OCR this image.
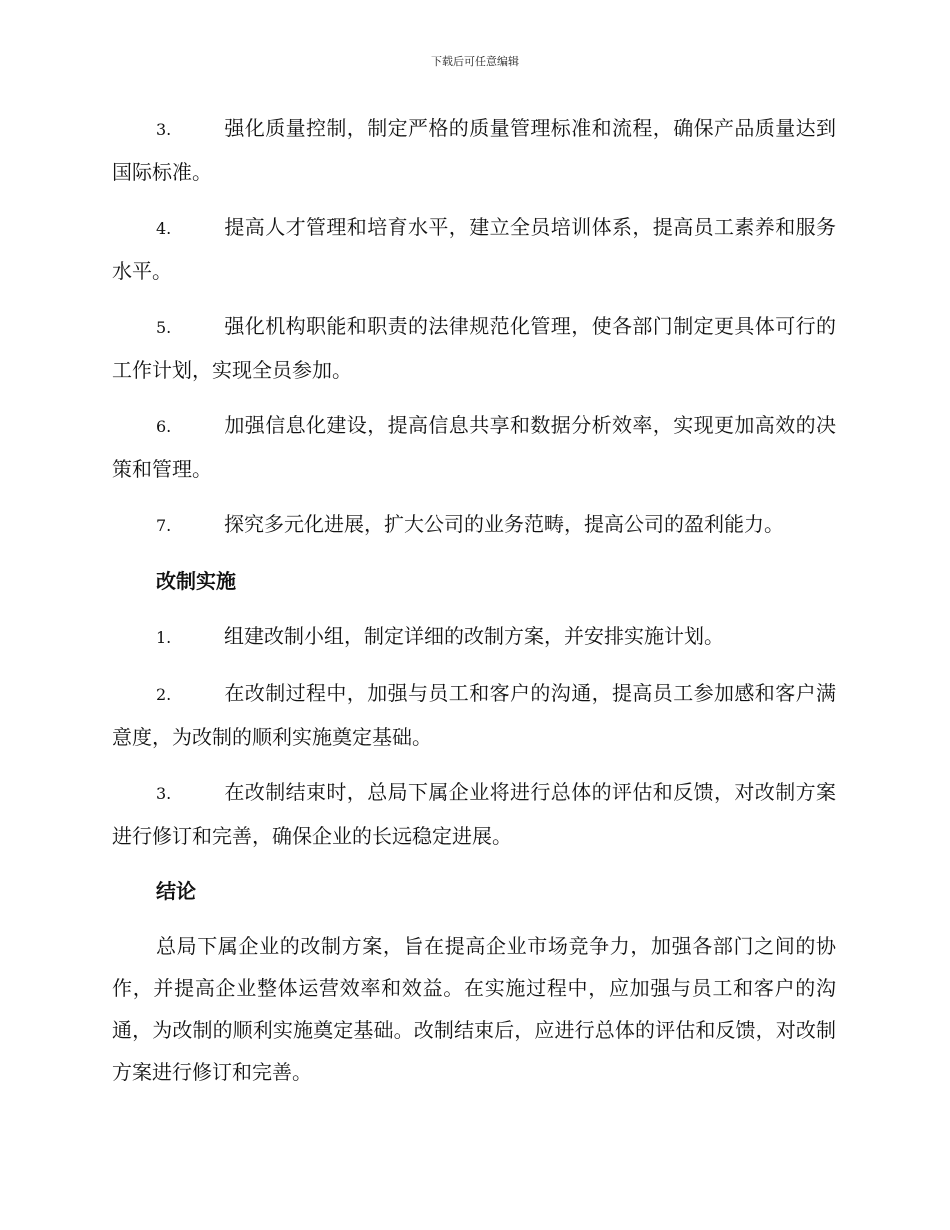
下载后可任意编辑
3.	强化质量控制，制定严格的质量管理标准和流程，确保产品质量达到国际标准。
4.	提高人才管理和培育水平，建立全员培训体系，提高员工素养和服务水平。
5.	强化机构职能和职责的法律规范化管理，使各部门制定更具体可行的工作计划，实现全员参加。
6.	加强信息化建设，提高信息共享和数据分析效率，实现更加高效的决策和管理。
7.	探究多元化进展，扩大公司的业务范畴，提高公司的盈利能力。
改制实施
1.	组建改制小组，制定详细的改制方案，并安排实施计划。
2.	在改制过程中，加强与员工和客户的沟通，提高员工参加感和客户满意度，为改制的顺利实施奠定基础。
3.	在改制结束时，总局下属企业将进行总体的评估和反馈，对改制方案进行修订和完善，确保企业的长远稳定进展。
结论

总局下属企业的改制方案，旨在提高企业市场竞争力，加强各部门之间的协作，并提高企业整体运营效率和效益。在实施过程中，应加强与员工和客户的沟通，为改制的顺利实施奠定基础。改制结束后，应进行总体的评估和反馈，对改制方案进行修订和完善。
